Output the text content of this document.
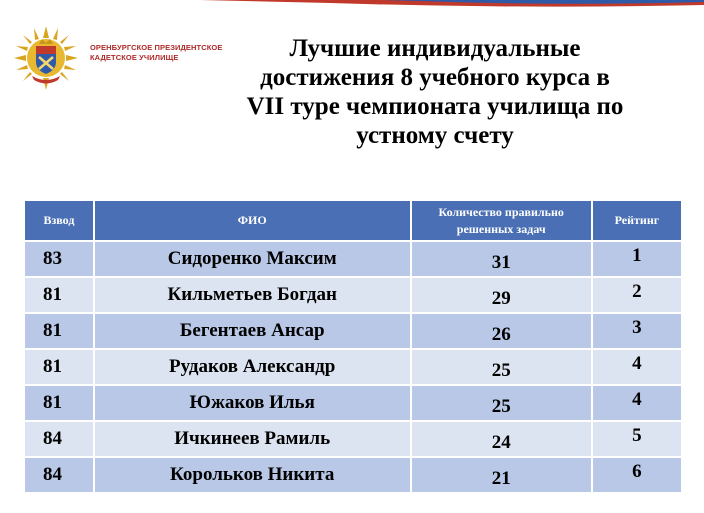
ОРЕНБУРГСКОЕ ПРЕЗИДЕНТСКОЕ
КАДЕТСКОЕ УЧИЛИЩЕ	Лучшие индивидуальные достижения 8 учебного курса в VII туре чемпионата училища по устному счету
Взвод	ФИО	Количество правильно решенных задач	Рейтинг
83	Сидоренко Максим	31	1
81	Кильметьев Богдан	29	2
81	Бегентаев Ансар	26	3
81	Рудаков Александр	25	4
81	Южаков Илья	25	4
84	Ичкинеев Рамиль	24	5
84	Корольков Никита	21	6
